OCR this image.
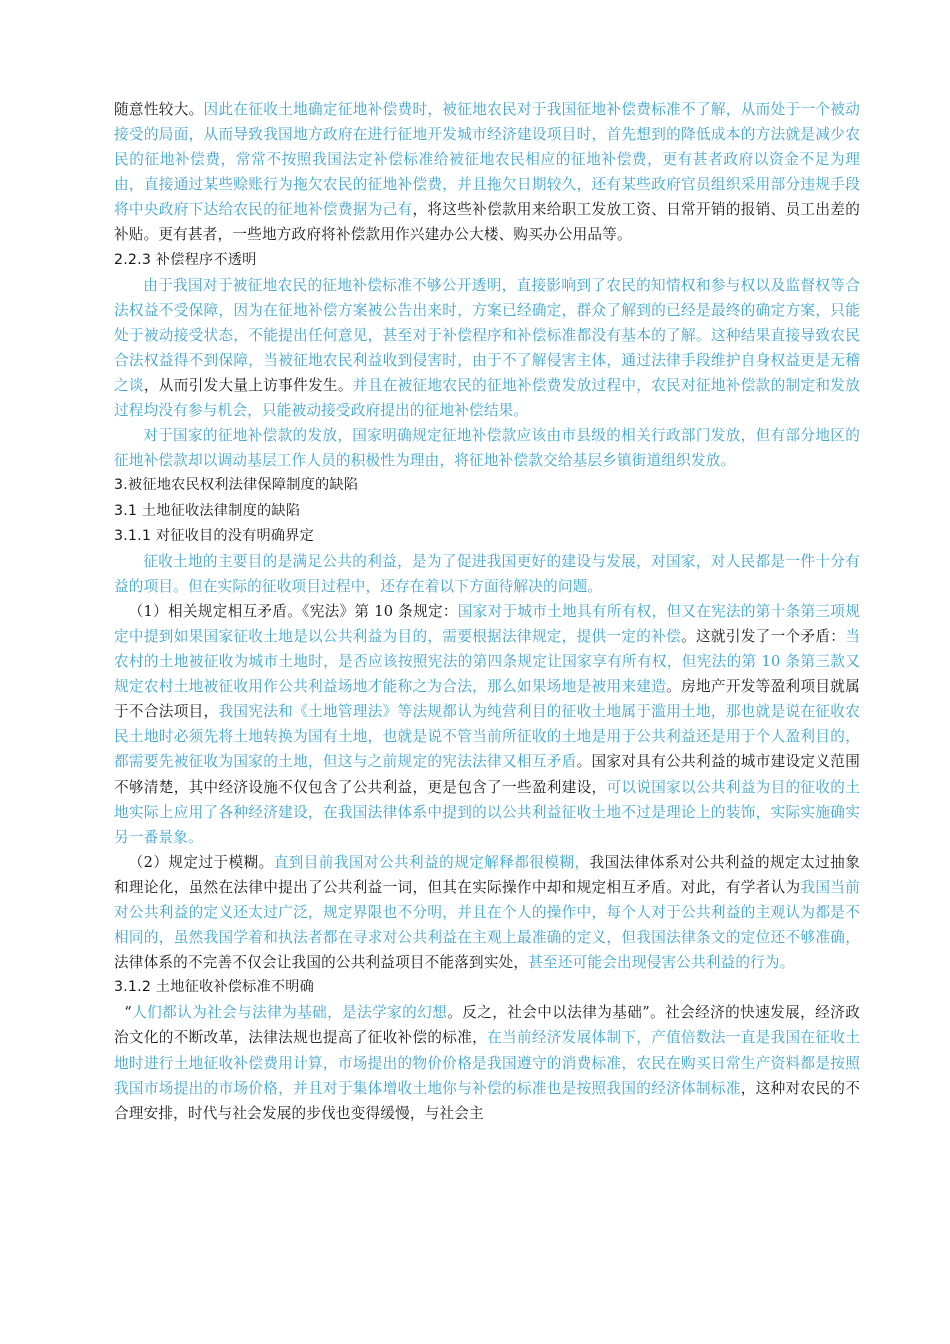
随意性较大。因此在征收土地确定征地补偿费时，被征地农民对于我国征地补偿费标准不了解，从而处于一个被动接受的局面，从而导致我国地方政府在进行征地开发城市经济建设项目时，首先想到的降低成本的方法就是减少农民的征地补偿费，常常不按照我国法定补偿标准给被征地农民相应的征地补偿费，更有甚者政府以资金不足为理由，直接通过某些赊账行为拖欠农民的征地补偿费，并且拖欠日期较久，还有某些政府官员组织采用部分违规手段将中央政府下达给农民的征地补偿费据为己有，将这些补偿款用来给职工发放工资、日常开销的报销、员工出差的补贴。更有甚者，一些地方政府将补偿款用作兴建办公大楼、购买办公用品等。

2.2.3 补偿程序不透明

由于我国对于被征地农民的征地补偿标准不够公开透明，直接影响到了农民的知情权和参与权以及监督权等合法权益不受保障，因为在征地补偿方案被公告出来时，方案已经确定，群众了解到的已经是最终的确定方案，只能处于被动接受状态，不能提出任何意见，甚至对于补偿程序和补偿标准都没有基本的了解。这种结果直接导致农民合法权益得不到保障，当被征地农民利益收到侵害时，由于不了解侵害主体，通过法律手段维护自身权益更是无稽之谈，从而引发大量上访事件发生。并且在被征地农民的征地补偿费发放过程中，农民对征地补偿款的制定和发放过程均没有参与机会，只能被动接受政府提出的征地补偿结果。

对于国家的征地补偿款的发放，国家明确规定征地补偿款应该由市县级的相关行政部门发放，但有部分地区的征地补偿款却以调动基层工作人员的积极性为理由，将征地补偿款交给基层乡镇街道组织发放。

3.被征地农民权利法律保障制度的缺陷

3.1 土地征收法律制度的缺陷

3.1.1 对征收目的没有明确界定

征收土地的主要目的是满足公共的利益，是为了促进我国更好的建设与发展，对国家，对人民都是一件十分有益的项目。但在实际的征收项目过程中，还存在着以下方面待解决的问题。

（1）相关规定相互矛盾。《宪法》第 10 条规定：国家对于城市土地具有所有权，但又在宪法的第十条第三项规定中提到如果国家征收土地是以公共利益为目的，需要根据法律规定，提供一定的补偿。这就引发了一个矛盾：当农村的土地被征收为城市土地时，是否应该按照宪法的第四条规定让国家享有所有权，但宪法的第 10 条第三款又规定农村土地被征收用作公共利益场地才能称之为合法，那么如果场地是被用来建造。房地产开发等盈利项目就属于不合法项目，我国宪法和《土地管理法》等法规都认为纯营利目的征收土地属于滥用土地，那也就是说在征收农民土地时必须先将土地转换为国有土地，也就是说不管当前所征收的土地是用于公共利益还是用于个人盈利目的，都需要先被征收为国家的土地，但这与之前规定的宪法法律又相互矛盾。国家对具有公共利益的城市建设定义范围不够清楚，其中经济设施不仅包含了公共利益，更是包含了一些盈利建设，可以说国家以公共利益为目的征收的土地实际上应用了各种经济建设，在我国法律体系中提到的以公共利益征收土地不过是理论上的装饰，实际实施确实另一番景象。

（2）规定过于模糊。直到目前我国对公共利益的规定解释都很模糊，我国法律体系对公共利益的规定太过抽象和理论化，虽然在法律中提出了公共利益一词，但其在实际操作中却和规定相互矛盾。对此，有学者认为我国当前对公共利益的定义还太过广泛，规定界限也不分明，并且在个人的操作中，每个人对于公共利益的主观认为都是不相同的，虽然我国学着和执法者都在寻求对公共利益在主观上最准确的定义，但我国法律条文的定位还不够准确，法律体系的不完善不仅会让我国的公共利益项目不能落到实处，甚至还可能会出现侵害公共利益的行为。

3.1.2 土地征收补偿标准不明确

“人们都认为社会与法律为基础，是法学家的幻想。反之，社会中以法律为基础”。社会经济的快速发展，经济政治文化的不断改革，法律法规也提高了征收补偿的标准，在当前经济发展体制下，产值倍数法一直是我国在征收土地时进行土地征收补偿费用计算，市场提出的物价价格是我国遵守的消费标准，农民在购买日常生产资料都是按照我国市场提出的市场价格，并且对于集体增收土地你与补偿的标准也是按照我国的经济体制标准，这种对农民的不合理安排，时代与社会发展的步伐也变得缓慢，与社会主
